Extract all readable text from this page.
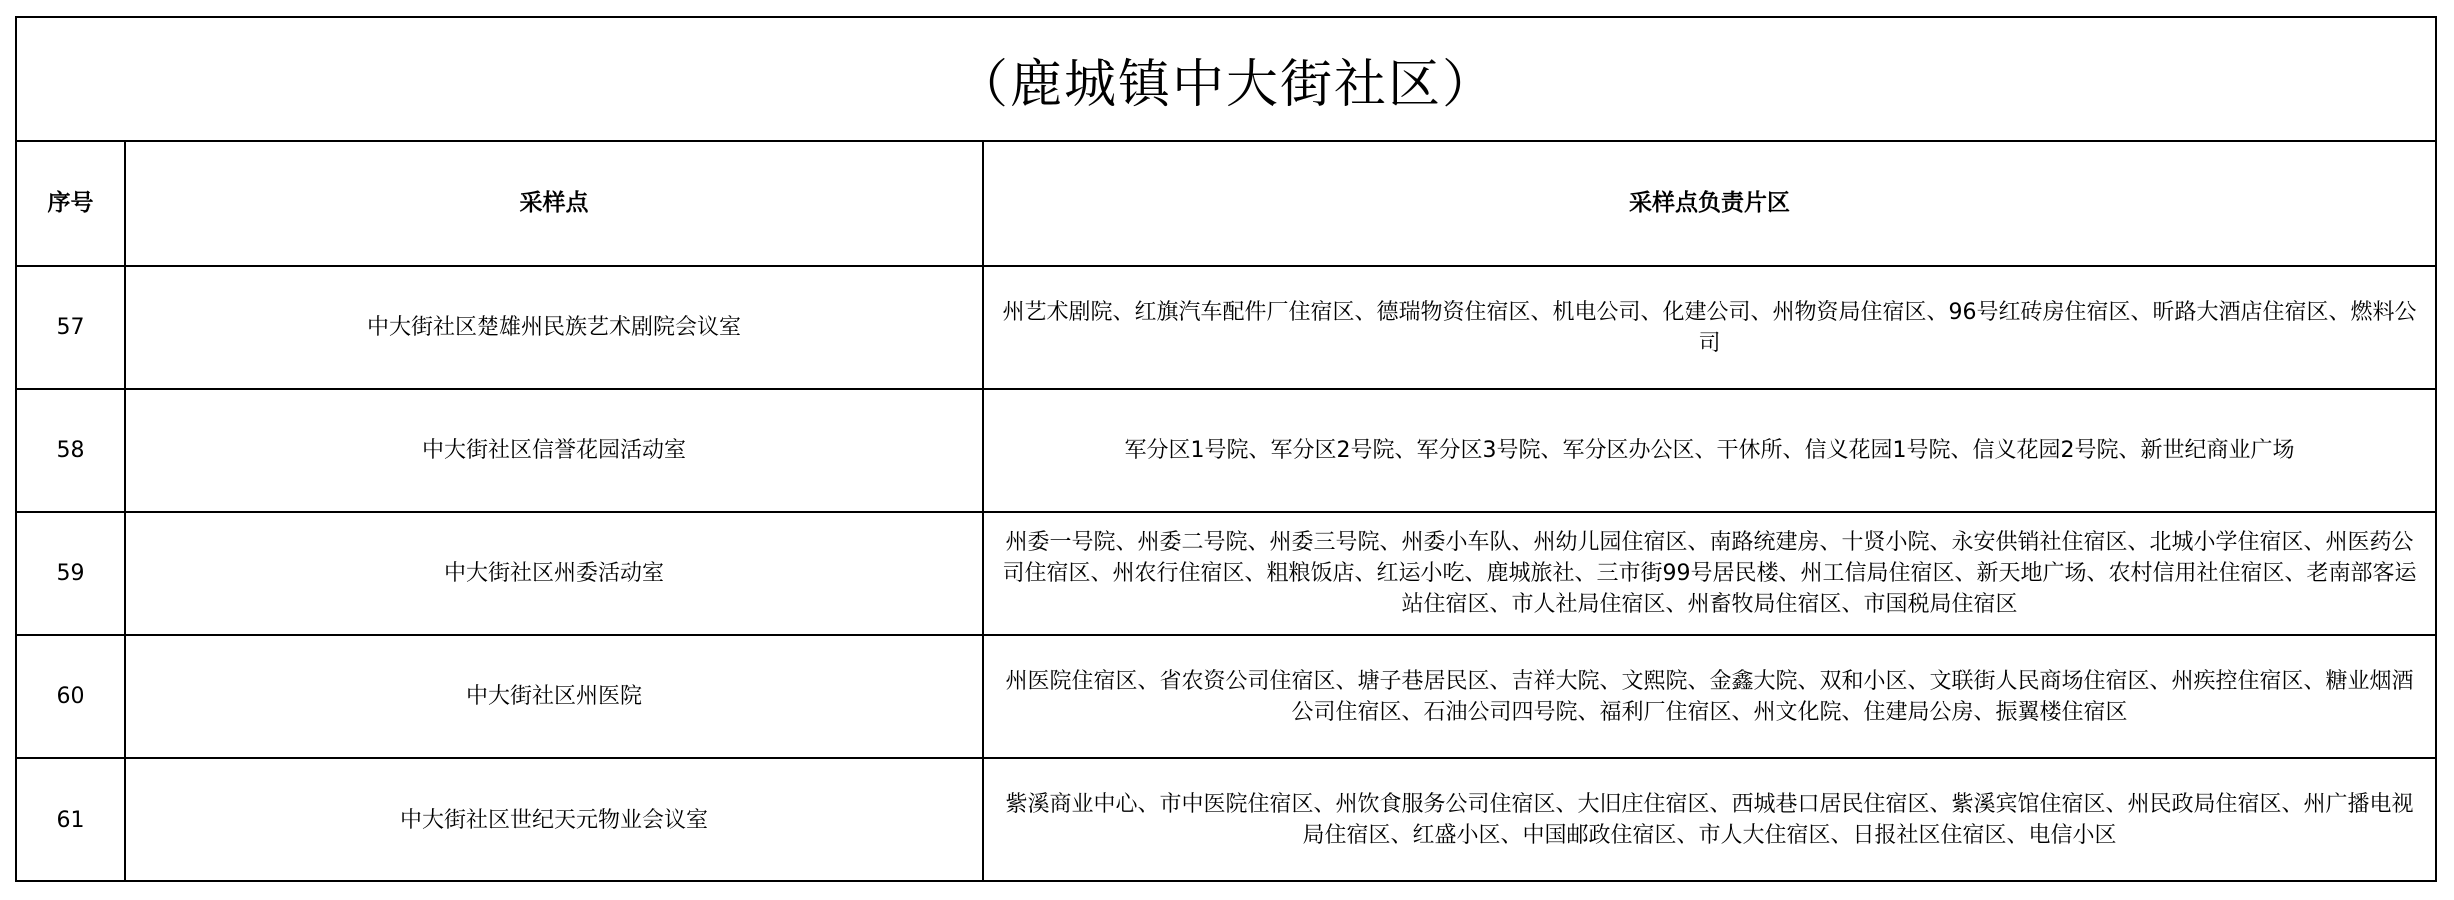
（鹿城镇中大街社区）
序号	采样点	采样点负责片区
57	中大街社区楚雄州民族艺术剧院会议室	州艺术剧院、红旗汽车配件厂住宿区、德瑞物资住宿区、机电公司、化建公司、州物资局住宿区、96号红砖房住宿区、昕路大酒店住宿区、燃料公司
58	中大街社区信誉花园活动室	军分区1号院、军分区2号院、军分区3号院、军分区办公区、干休所、信义花园1号院、信义花园2号院、新世纪商业广场
59	中大街社区州委活动室	州委一号院、州委二号院、州委三号院、州委小车队、州幼儿园住宿区、南路统建房、十贤小院、永安供销社住宿区、北城小学住宿区、州医药公司住宿区、州农行住宿区、粗粮饭店、红运小吃、鹿城旅社、三市街99号居民楼、州工信局住宿区、新天地广场、农村信用社住宿区、老南部客运站住宿区、市人社局住宿区、州畜牧局住宿区、市国税局住宿区
60	中大街社区州医院	州医院住宿区、省农资公司住宿区、塘子巷居民区、吉祥大院、文熙院、金鑫大院、双和小区、文联街人民商场住宿区、州疾控住宿区、糖业烟酒公司住宿区、石油公司四号院、福利厂住宿区、州文化院、住建局公房、振翼楼住宿区
61	中大街社区世纪天元物业会议室	紫溪商业中心、市中医院住宿区、州饮食服务公司住宿区、大旧庄住宿区、西城巷口居民住宿区、紫溪宾馆住宿区、州民政局住宿区、州广播电视局住宿区、红盛小区、中国邮政住宿区、市人大住宿区、日报社区住宿区、电信小区
